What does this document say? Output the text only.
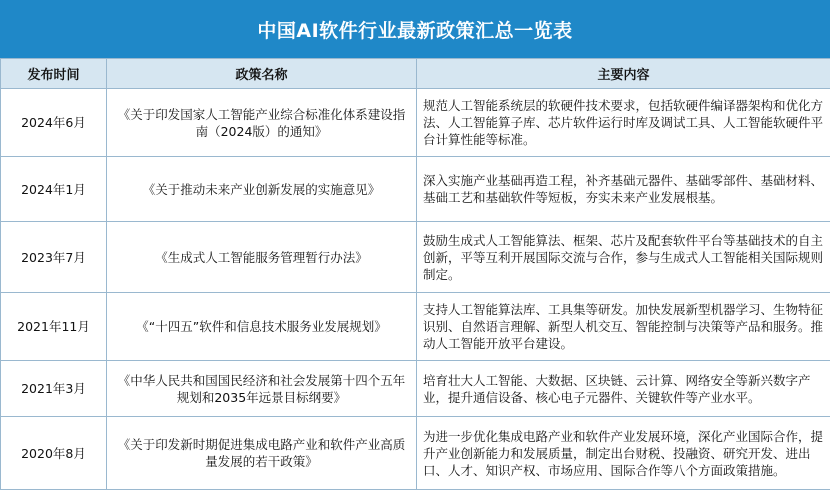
中国AI软件行业最新政策汇总一览表
发布时间	政策名称	主要内容
2024年6月	《关于印发国家人工智能产业综合标准化体系建设指南（2024版）的通知》	规范人工智能系统层的软硬件技术要求，包括软硬件编译器架构和优化方法、人工智能算子库、芯片软件运行时库及调试工具、人工智能软硬件平台计算性能等标准。
2024年1月	《关于推动未来产业创新发展的实施意见》	深入实施产业基础再造工程，补齐基础元器件、基础零部件、基础材料、基础工艺和基础软件等短板，夯实未来产业发展根基。
2023年7月	《生成式人工智能服务管理暂行办法》	鼓励生成式人工智能算法、框架、芯片及配套软件平台等基础技术的自主创新，平等互利开展国际交流与合作，参与生成式人工智能相关国际规则制定。
2021年11月	《“十四五”软件和信息技术服务业发展规划》	支持人工智能算法库、工具集等研发。加快发展新型机器学习、生物特征识别、自然语言理解、新型人机交互、智能控制与决策等产品和服务。推动人工智能开放平台建设。
2021年3月	《中华人民共和国国民经济和社会发展第十四个五年规划和2035年远景目标纲要》	培育壮大人工智能、大数据、区块链、云计算、网络安全等新兴数字产业，提升通信设备、核心电子元器件、关键软件等产业水平。
2020年8月	《关于印发新时期促进集成电路产业和软件产业高质量发展的若干政策》	为进一步优化集成电路产业和软件产业发展环境，深化产业国际合作，提升产业创新能力和发展质量，制定出台财税、投融资、研究开发、进出口、人才、知识产权、市场应用、国际合作等八个方面政策措施。
